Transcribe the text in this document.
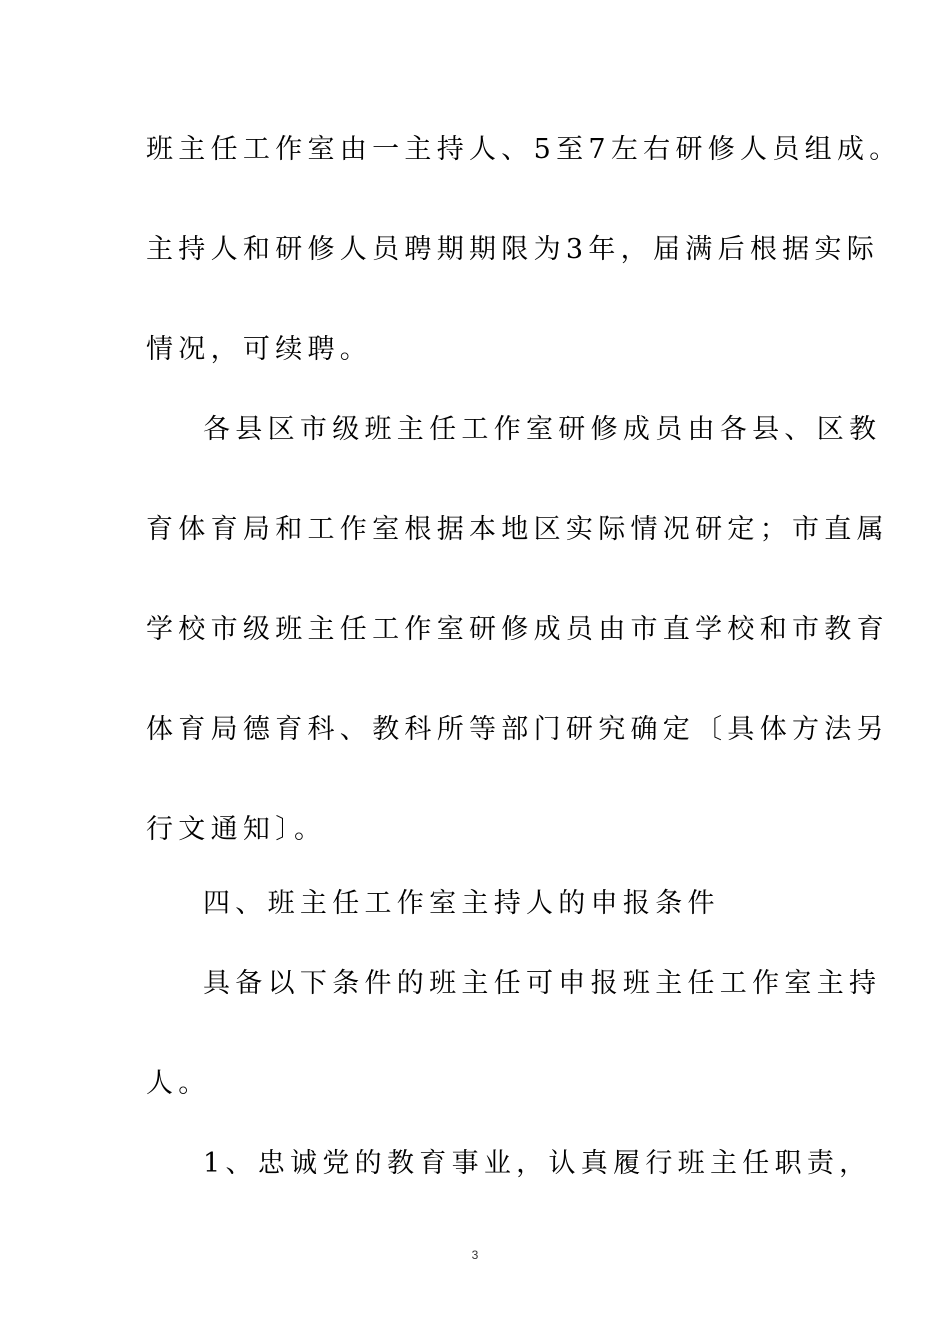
班主任工作室由一主持人、5至7左右研修人员组成。
主持人和研修人员聘期期限为3年，届满后根据实际
情况，可续聘。
各县区市级班主任工作室研修成员由各县、区教
育体育局和工作室根据本地区实际情况研定；市直属
学校市级班主任工作室研修成员由市直学校和市教育
体育局德育科、教科所等部门研究确定〔具体方法另
行文通知〕。
四、班主任工作室主持人的申报条件
具备以下条件的班主任可申报班主任工作室主持
人。
1、忠诚党的教育事业，认真履行班主任职责，
3
